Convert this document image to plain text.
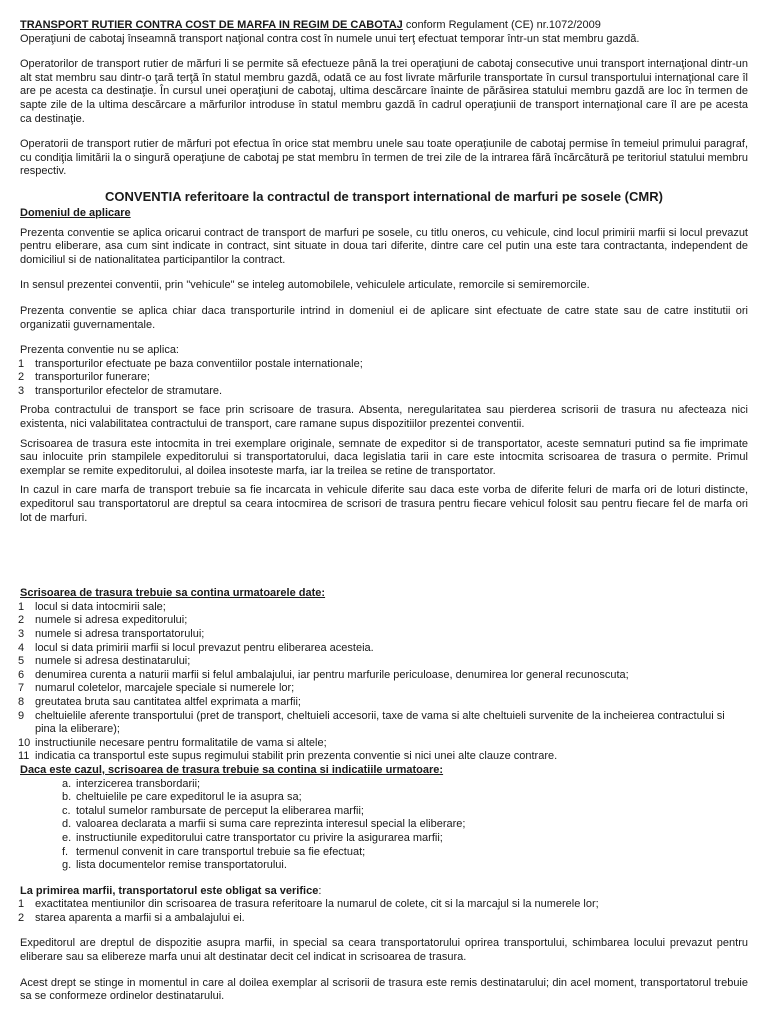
TRANSPORT RUTIER CONTRA COST DE MARFA IN REGIM DE CABOTAJ conform Regulament (CE) nr.1072/2009

Operaţiuni de cabotaj înseamnă transport naţional contra cost în numele unui terţ efectuat temporar într-un stat membru gazdă.

Operatorilor de transport rutier de mărfuri li se permite să efectueze până la trei operaţiuni de cabotaj consecutive unui transport internaţional dintr-un alt stat membru sau dintr-o ţară terţă în statul membru gazdă, odată ce au fost livrate mărfurile transportate în cursul transportului internaţional care îl are pe acesta ca destinaţie. În cursul unei operaţiuni de cabotaj, ultima descărcare înainte de părăsirea statului membru gazdă are loc în termen de sapte zile de la ultima descărcare a mărfurilor introduse în statul membru gazdă în cadrul operaţiunii de transport internaţional care îl are pe acesta ca destinaţie.

Operatorii de transport rutier de mărfuri pot efectua în orice stat membru unele sau toate operaţiunile de cabotaj permise în temeiul primului paragraf, cu condiţia limitării la o singură operaţiune de cabotaj pe stat membru în termen de trei zile de la intrarea fără încărcătură pe teritoriul statului membru respectiv.

CONVENTIA referitoare la contractul de transport international de marfuri pe sosele (CMR)

Domeniul de aplicare

Prezenta conventie se aplica oricarui contract de transport de marfuri pe sosele, cu titlu oneros, cu vehicule, cind locul primirii marfii si locul prevazut pentru eliberare, asa cum sint indicate in contract, sint situate in doua tari diferite, dintre care cel putin una este tara contractanta, independent de domiciliul si de nationalitatea participantilor la contract.

In sensul prezentei conventii, prin "vehicule" se inteleg automobilele, vehiculele articulate, remorcile si semiremorcile.

Prezenta conventie se aplica chiar daca transporturile intrind in domeniul ei de aplicare sint efectuate de catre state sau de catre institutii ori organizatii guvernamentale.

Prezenta conventie nu se aplica:

1 transporturilor efectuate pe baza conventiilor postale internationale;
2 transporturilor funerare;
3 transporturilor efectelor de stramutare.

Proba contractului de transport se face prin scrisoare de trasura. Absenta, neregularitatea sau pierderea scrisorii de trasura nu afecteaza nici existenta, nici valabilitatea contractului de transport, care ramane supus dispozitiilor prezentei conventii.

Scrisoarea de trasura este intocmita in trei exemplare originale, semnate de expeditor si de transportator, aceste semnaturi putind sa fie imprimate sau inlocuite prin stampilele expeditorului si transportatorului, daca legislatia tarii in care este intocmita scrisoarea de trasura o permite. Primul exemplar se remite expeditorului, al doilea insoteste marfa, iar la treilea se retine de transportator.

In cazul in care marfa de transport trebuie sa fie incarcata in vehicule diferite sau daca este vorba de diferite feluri de marfa ori de loturi distincte, expeditorul sau transportatorul are dreptul sa ceara intocmirea de scrisori de trasura pentru fiecare vehicul folosit sau pentru fiecare fel de marfa ori lot de marfuri.

Scrisoarea de trasura trebuie sa contina urmatoarele date:

1 locul si data intocmirii sale;
2 numele si adresa expeditorului;
3 numele si adresa transportatorului;
4 locul si data primirii marfii si locul prevazut pentru eliberarea acesteia.
5 numele si adresa destinatarului;
6 denumirea curenta a naturii marfii si felul ambalajului, iar pentru marfurile periculoase, denumirea lor general recunoscuta;
7 numarul coletelor, marcajele speciale si numerele lor;
8 greutatea bruta sau cantitatea altfel exprimata a marfii;
9 cheltuielile aferente transportului (pret de transport, cheltuieli accesorii, taxe de vama si alte cheltuieli survenite de la incheierea contractului si pina la eliberare);
10 instructiunile necesare pentru formalitatile de vama si altele;
11 indicatia ca transportul este supus regimului stabilit prin prezenta conventie si nici unei alte clauze contrare.

Daca este cazul, scrisoarea de trasura trebuie sa contina si indicatiile urmatoare:

a. interzicerea transbordarii;
b. cheltuielile pe care expeditorul le ia asupra sa;
c. totalul sumelor rambursate de perceput la eliberarea marfii;
d. valoarea declarata a marfii si suma care reprezinta interesul special la eliberare;
e. instructiunile expeditorului catre transportator cu privire la asigurarea marfii;
f. termenul convenit in care transportul trebuie sa fie efectuat;
g. lista documentelor remise transportatorului.

La primirea marfii, transportatorul este obligat sa verifice:

1 exactitatea mentiunilor din scrisoarea de trasura referitoare la numarul de colete, cit si la marcajul si la numerele lor;
2 starea aparenta a marfii si a ambalajului ei.

Expeditorul are dreptul de dispozitie asupra marfii, in special sa ceara transportatorului oprirea transportului, schimbarea locului prevazut pentru eliberare sau sa elibereze marfa unui alt destinatar decit cel indicat in scrisoarea de trasura.

Acest drept se stinge in momentul in care al doilea exemplar al scrisorii de trasura este remis destinatarului; din acel moment, transportatorul trebuie sa se conformeze ordinelor destinatarului.
